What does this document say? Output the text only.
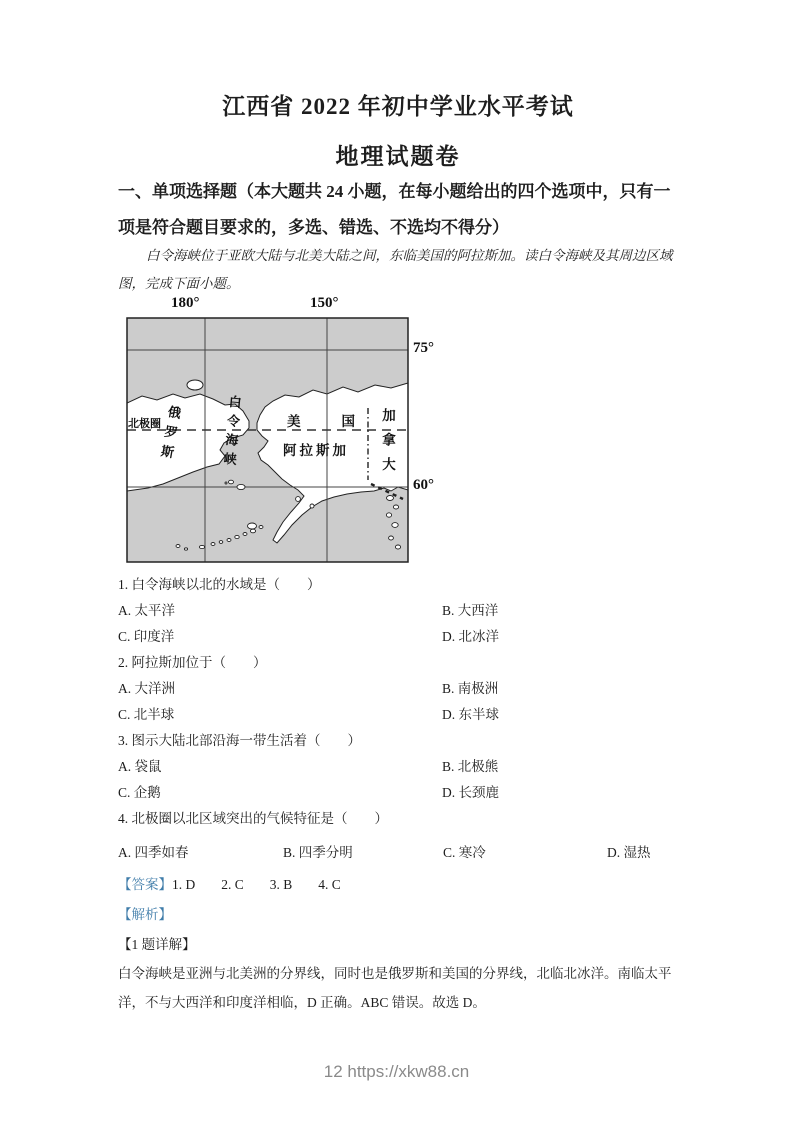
江西省 2022 年初中学业水平考试
地理试题卷
一、单项选择题（本大题共 24 小题，在每小题给出的四个选项中，只有一项是符合题目要求的，多选、错选、不选均不得分）
白令海峡位于亚欧大陆与北美大陆之间，东临美国的阿拉斯加。读白令海峡及其周边区域图，完成下面小题。
180°	150°
75°
60°
北极圈
俄罗斯	白令海峡	美国
阿拉斯加 加拿大
1. 白令海峡以北的水域是（　　）
A. 太平洋	B. 大西洋
C. 印度洋	D. 北冰洋
2. 阿拉斯加位于（　　）
A. 大洋洲	B. 南极洲
C. 北半球	D. 东半球
3. 图示大陆北部沿海一带生活着（　　）
A. 袋鼠	B. 北极熊
C. 企鹅	D. 长颈鹿
4. 北极圈以北区域突出的气候特征是（　　）
A. 四季如春	B. 四季分明	C. 寒冷	D. 湿热
【答案】 1. D 2. C 3. B 4. C
【解析】
【1 题详解】
白令海峡是亚洲与北美洲的分界线，同时也是俄罗斯和美国的分界线，北临北冰洋。南临太平洋，不与大西洋和印度洋相临，D 正确。ABC 错误。故选 D。
12 https://xkw88.cn
